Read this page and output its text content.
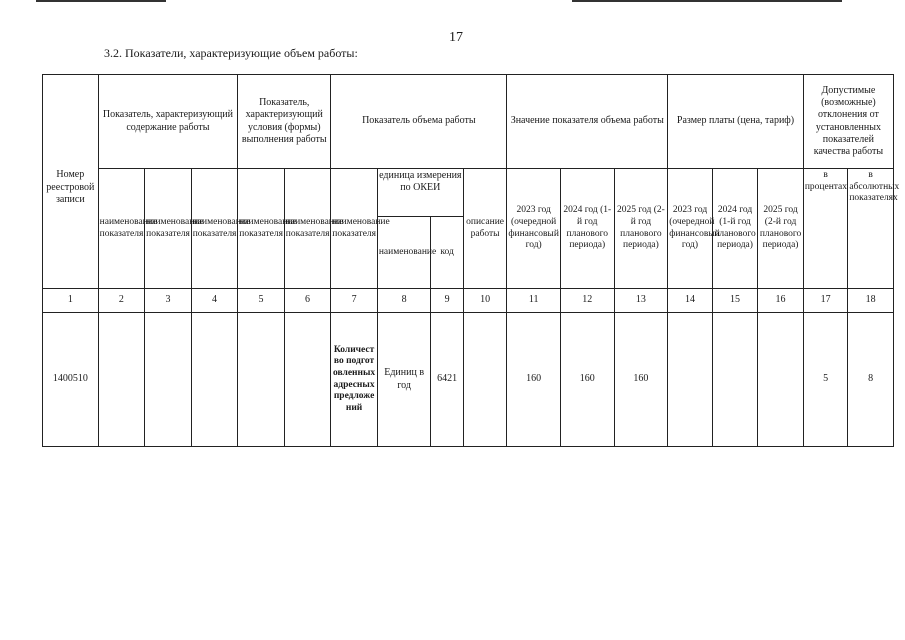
17
3.2. Показатели, характеризующие объем работы:
Номер реестровой записи	Показатель, характеризующий содержание работы			Показатель, характеризующий условия (формы) выполнения работы		Показатель объема работы				Значение показателя объема работы			Размер платы (цена, тариф)			Допустимые (возможные) отклонения от установленных показателей качества работы	
	наименование показателя	наименование показателя	наименование показателя	наименование показателя	наименование показателя	наименование показателя	единица измерения по ОКЕИ		описание работы	2023 год (очередной финансовый год)	2024 год (1-й год планового периода)	2025 год (2-й год планового периода)	2023 год (очередной финансовый год)	2024 год (1-й год планового периода)	2025 год (2-й год планового периода)	в процентах	в абсолютных показателях
							наименование	код									
1	2	3	4	5	6	7	8	9	10	11	12	13	14	15	16	17	18
1400510						Количество подготовленных адресных предложений	Единиц в год	6421		160	160	160				5	8
